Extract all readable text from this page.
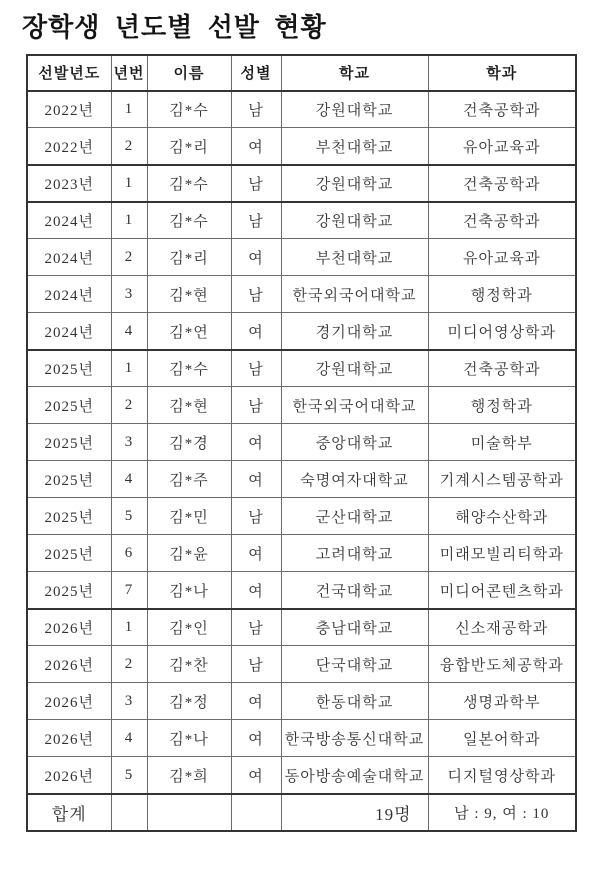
장학생 년도별 선발 현황
선발년도	년번	이름	성별	학교	학과
2022년	1	김*수	남	강원대학교	건축공학과
2022년	2	김*리	여	부천대학교	유아교육과
2023년	1	김*수	남	강원대학교	건축공학과
2024년	1	김*수	남	강원대학교	건축공학과
2024년	2	김*리	여	부천대학교	유아교육과
2024년	3	김*현	남	한국외국어대학교	행정학과
2024년	4	김*연	여	경기대학교	미디어영상학과
2025년	1	김*수	남	강원대학교	건축공학과
2025년	2	김*현	남	한국외국어대학교	행정학과
2025년	3	김*경	여	중앙대학교	미술학부
2025년	4	김*주	여	숙명여자대학교	기계시스템공학과
2025년	5	김*민	남	군산대학교	해양수산학과
2025년	6	김*윤	여	고려대학교	미래모빌리티학과
2025년	7	김*나	여	건국대학교	미디어콘텐츠학과
2026년	1	김*인	남	충남대학교	신소재공학과
2026년	2	김*찬	남	단국대학교	융합반도체공학과
2026년	3	김*정	여	한동대학교	생명과학부
2026년	4	김*나	여	한국방송통신대학교	일본어학과
2026년	5	김*희	여	동아방송예술대학교	디지털영상학과
합계				19명	남 : 9, 여 : 10
